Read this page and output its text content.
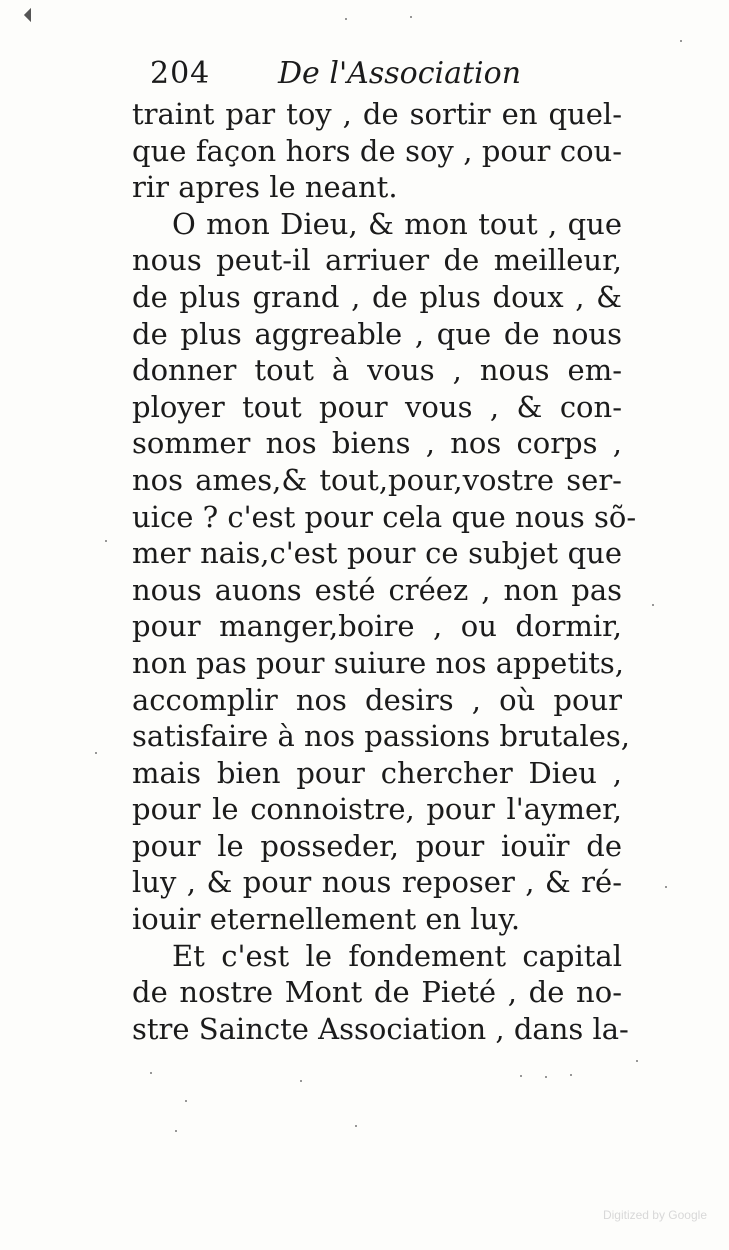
204 De l'Association
traint par toy , de sortir en quel-
que façon hors de soy , pour cou-
rir apres le neant.
O mon Dieu, & mon tout , que
nous peut-il arriuer de meilleur,
de plus grand , de plus doux , &
de plus aggreable , que de nous
donner tout à vous , nous em-
ployer tout pour vous , & con-
sommer nos biens , nos corps ,
nos ames,& tout,pour,vostre ser-
uice ? c'est pour cela que nous sõ-
mer nais,c'est pour ce subjet que
nous auons esté créez , non pas
pour manger,boire , ou dormir,
non pas pour suiure nos appetits,
accomplir nos desirs , où pour
satisfaire à nos passions brutales,
mais bien pour chercher Dieu ,
pour le connoistre, pour l'aymer,
pour le posseder, pour iouïr de
luy , & pour nous reposer , & ré-
iouir eternellement en luy.
Et c'est le fondement capital
de nostre Mont de Pieté , de no-
stre Saincte Association , dans la-
Digitized by Google
